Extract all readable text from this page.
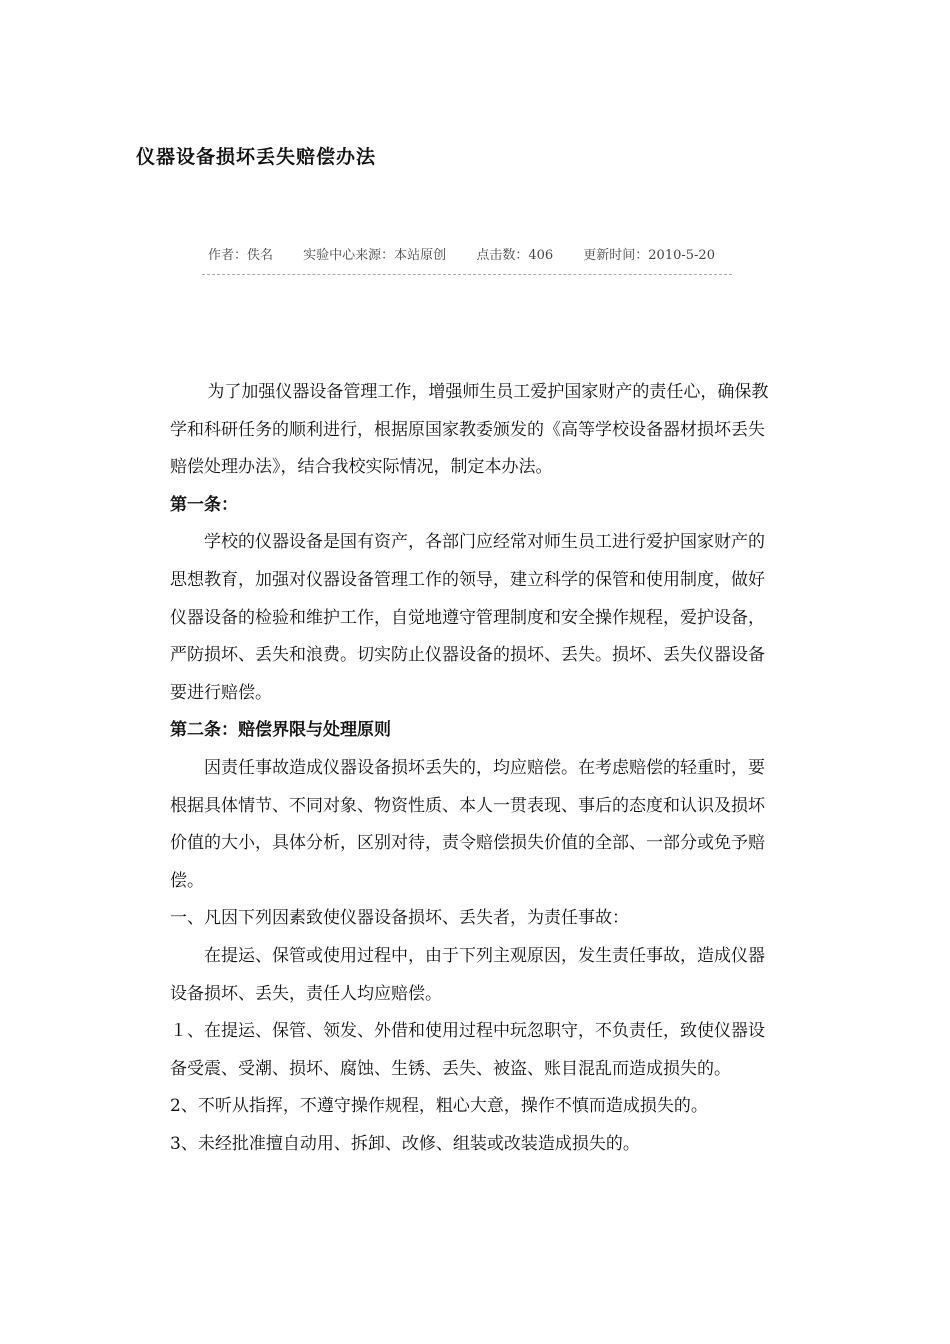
仪器设备损坏丢失赔偿办法
作者：佚名 实验中心来源：本站原创 点击数：406 更新时间：2010-5-20

为了加强仪器设备管理工作，增强师生员工爱护国家财产的责任心，确保教学和科研任务的顺利进行，根据原国家教委颁发的《高等学校设备器材损坏丢失赔偿处理办法》，结合我校实际情况，制定本办法。

第一条：

学校的仪器设备是国有资产，各部门应经常对师生员工进行爱护国家财产的思想教育，加强对仪器设备管理工作的领导，建立科学的保管和使用制度，做好仪器设备的检验和维护工作，自觉地遵守管理制度和安全操作规程，爱护设备，严防损坏、丢失和浪费。切实防止仪器设备的损坏、丢失。损坏、丢失仪器设备要进行赔偿。

第二条：赔偿界限与处理原则

因责任事故造成仪器设备损坏丢失的，均应赔偿。在考虑赔偿的轻重时，要根据具体情节、不同对象、物资性质、本人一贯表现、事后的态度和认识及损坏价值的大小，具体分析，区别对待，责令赔偿损失价值的全部、一部分或免予赔偿。

一、凡因下列因素致使仪器设备损坏、丢失者，为责任事故：

在提运、保管或使用过程中，由于下列主观原因，发生责任事故，造成仪器设备损坏、丢失，责任人均应赔偿。

１、在提运、保管、领发、外借和使用过程中玩忽职守，不负责任，致使仪器设备受震、受潮、损坏、腐蚀、生锈、丢失、被盗、账目混乱而造成损失的。

2、不听从指挥，不遵守操作规程，粗心大意，操作不慎而造成损失的。

3、未经批准擅自动用、拆卸、改修、组装或改装造成损失的。
